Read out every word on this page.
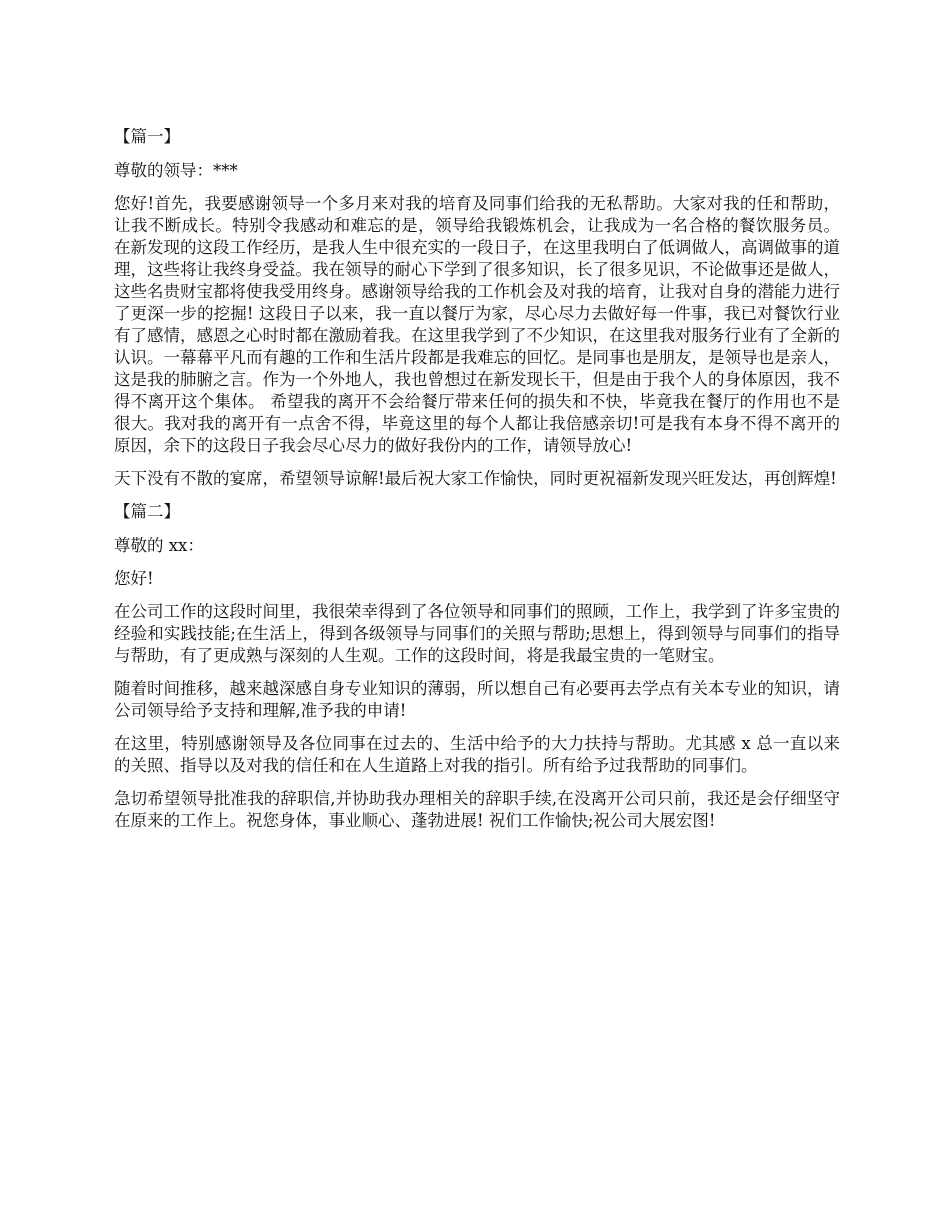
【篇一】
尊敬的领导：***
您好!首先，我要感谢领导一个多月来对我的培育及同事们给我的无私帮助。大家对我的任和帮助，让我不断成长。特别令我感动和难忘的是，领导给我锻炼机会，让我成为一名合格的餐饮服务员。 在新发现的这段工作经历，是我人生中很充实的一段日子，在这里我明白了低调做人，高调做事的道理，这些将让我终身受益。我在领导的耐心下学到了很多知识，长了很多见识，不论做事还是做人，这些名贵财宝都将使我受用终身。感谢领导给我的工作机会及对我的培育，让我对自身的潜能力进行了更深一步的挖掘! 这段日子以来，我一直以餐厅为家，尽心尽力去做好每一件事，我已对餐饮行业有了感情，感恩之心时时都在激励着我。在这里我学到了不少知识，在这里我对服务行业有了全新的认识。一幕幕平凡而有趣的工作和生活片段都是我难忘的回忆。是同事也是朋友，是领导也是亲人，这是我的肺腑之言。作为一个外地人，我也曾想过在新发现长干，但是由于我个人的身体原因，我不得不离开这个集体。 希望我的离开不会给餐厅带来任何的损失和不快，毕竟我在餐厅的作用也不是很大。我对我的离开有一点舍不得，毕竟这里的每个人都让我倍感亲切!可是我有本身不得不离开的原因，余下的这段日子我会尽心尽力的做好我份内的工作，请领导放心!
天下没有不散的宴席，希望领导谅解!最后祝大家工作愉快，同时更祝福新发现兴旺发达，再创辉煌!
【篇二】
尊敬的 xx：
您好!
在公司工作的这段时间里，我很荣幸得到了各位领导和同事们的照顾，工作上，我学到了许多宝贵的经验和实践技能;在生活上，得到各级领导与同事们的关照与帮助;思想上，得到领导与同事们的指导与帮助，有了更成熟与深刻的人生观。工作的这段时间，将是我最宝贵的一笔财宝。
随着时间推移，越来越深感自身专业知识的薄弱，所以想自己有必要再去学点有关本专业的知识，请公司领导给予支持和理解,准予我的申请!
在这里，特别感谢领导及各位同事在过去的、生活中给予的大力扶持与帮助。尤其感 x 总一直以来的关照、指导以及对我的信任和在人生道路上对我的指引。所有给予过我帮助的同事们。
急切希望领导批准我的辞职信,并协助我办理相关的辞职手续,在没离开公司只前，我还是会仔细坚守在原来的工作上。祝您身体，事业顺心、蓬勃进展! 祝们工作愉快;祝公司大展宏图!
